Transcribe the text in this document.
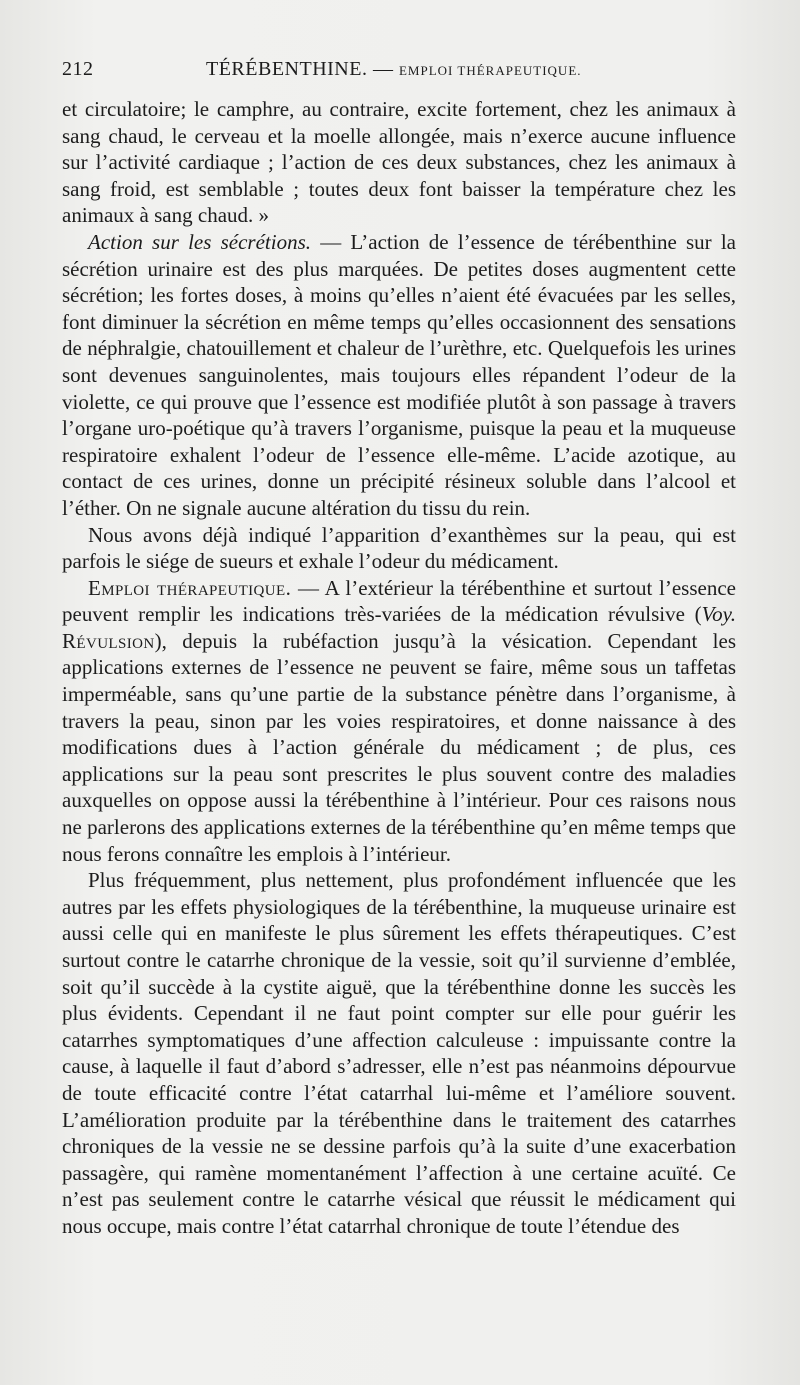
212	TÉRÉBENTHINE. — EMPLOI THÉRAPEUTIQUE.

et circulatoire; le camphre, au contraire, excite fortement, chez les animaux à sang chaud, le cerveau et la moelle allongée, mais n’exerce aucune influence sur l’activité cardiaque ; l’action de ces deux substances, chez les animaux à sang froid, est semblable ; toutes deux font baisser la température chez les animaux à sang chaud. »

Action sur les sécrétions. — L’action de l’essence de térébenthine sur la sécrétion urinaire est des plus marquées. De petites doses augmentent cette sécrétion; les fortes doses, à moins qu’elles n’aient été évacuées par les selles, font diminuer la sécrétion en même temps qu’elles occasionnent des sensations de néphralgie, chatouillement et chaleur de l’urèthre, etc. Quelquefois les urines sont devenues sanguinolentes, mais toujours elles répandent l’odeur de la violette, ce qui prouve que l’essence est modifiée plutôt à son passage à travers l’organe uro-poétique qu’à travers l’organisme, puisque la peau et la muqueuse respiratoire exhalent l’odeur de l’essence elle-même. L’acide azotique, au contact de ces urines, donne un précipité résineux soluble dans l’alcool et l’éther. On ne signale aucune altération du tissu du rein.

Nous avons déjà indiqué l’apparition d’exanthèmes sur la peau, qui est parfois le siége de sueurs et exhale l’odeur du médicament.

Emploi thérapeutique. — A l’extérieur la térébenthine et surtout l’essence peuvent remplir les indications très-variées de la médication révulsive (Voy. Révulsion), depuis la rubéfaction jusqu’à la vésication. Cependant les applications externes de l’essence ne peuvent se faire, même sous un taffetas imperméable, sans qu’une partie de la substance pénètre dans l’organisme, à travers la peau, sinon par les voies respiratoires, et donne naissance à des modifications dues à l’action générale du médicament ; de plus, ces applications sur la peau sont prescrites le plus souvent contre des maladies auxquelles on oppose aussi la térébenthine à l’intérieur. Pour ces raisons nous ne parlerons des applications externes de la térébenthine qu’en même temps que nous ferons connaître les emplois à l’intérieur.

Plus fréquemment, plus nettement, plus profondément influencée que les autres par les effets physiologiques de la térébenthine, la muqueuse urinaire est aussi celle qui en manifeste le plus sûrement les effets thérapeutiques. C’est surtout contre le catarrhe chronique de la vessie, soit qu’il survienne d’emblée, soit qu’il succède à la cystite aiguë, que la térébenthine donne les succès les plus évidents. Cependant il ne faut point compter sur elle pour guérir les catarrhes symptomatiques d’une affection calculeuse : impuissante contre la cause, à laquelle il faut d’abord s’adresser, elle n’est pas néanmoins dépourvue de toute efficacité contre l’état catarrhal lui-même et l’améliore souvent. L’amélioration produite par la térébenthine dans le traitement des catarrhes chroniques de la vessie ne se dessine parfois qu’à la suite d’une exacerbation passagère, qui ramène momentanément l’affection à une certaine acuïté. Ce n’est pas seulement contre le catarrhe vésical que réussit le médicament qui nous occupe, mais contre l’état catarrhal chronique de toute l’étendue des
